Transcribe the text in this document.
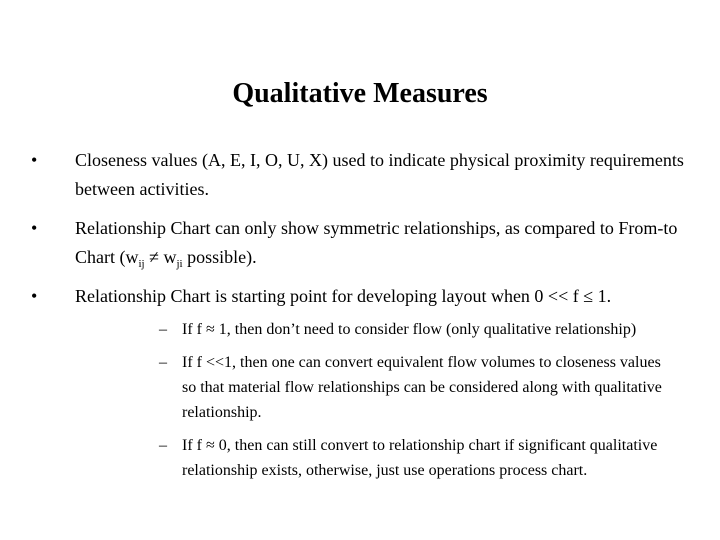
Qualitative Measures
• Closeness values (A, E, I, O, U, X) used to indicate physical proximity requirements between activities.
• Relationship Chart can only show symmetric relationships, as compared to From-to Chart ($w_{ij} \ne w_{ji}$ possible).
• Relationship Chart is starting point for developing layout when 0 << f ≤ 1.
– If f ≈ 1, then don’t need to consider flow (only qualitative relationship)
– If f <<1, then one can convert equivalent flow volumes to closeness values so that material flow relationships can be considered along with qualitative relationship.
– If f ≈ 0, then can still convert to relationship chart if significant qualitative relationship exists, otherwise, just use operations process chart.
